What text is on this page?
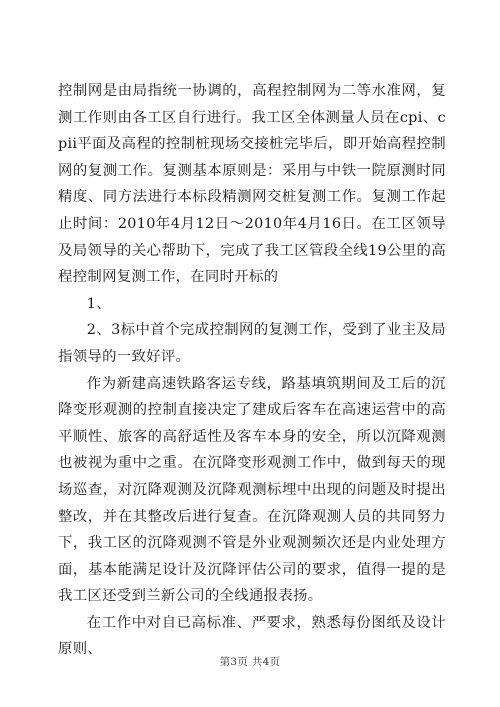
控制网是由局指统一协调的，高程控制网为二等水准网，复测工作则由各工区自行进行。我工区全体测量人员在cpi、cpii平面及高程的控制桩现场交接桩完毕后，即开始高程控制网的复测工作。复测基本原则是：采用与中铁一院原测时同精度、同方法进行本标段精测网交桩复测工作。复测工作起止时间：2010年4月12日～2010年4月16日。在工区领导及局领导的关心帮助下，完成了我工区管段全线19公里的高程控制网复测工作，在同时开标的

1、

2、3标中首个完成控制网的复测工作，受到了业主及局指领导的一致好评。

作为新建高速铁路客运专线，路基填筑期间及工后的沉降变形观测的控制直接决定了建成后客车在高速运营中的高平顺性、旅客的高舒适性及客车本身的安全，所以沉降观测也被视为重中之重。在沉降变形观测工作中，做到每天的现场巡查，对沉降观测及沉降观测标埋中出现的问题及时提出整改，并在其整改后进行复查。在沉降观测人员的共同努力下，我工区的沉降观测不管是外业观测频次还是内业处理方面，基本能满足设计及沉降评估公司的要求，值得一提的是我工区还受到兰新公司的全线通报表扬。

在工作中对自已高标准、严要求，熟悉每份图纸及设计原则、

第3页 共4页
